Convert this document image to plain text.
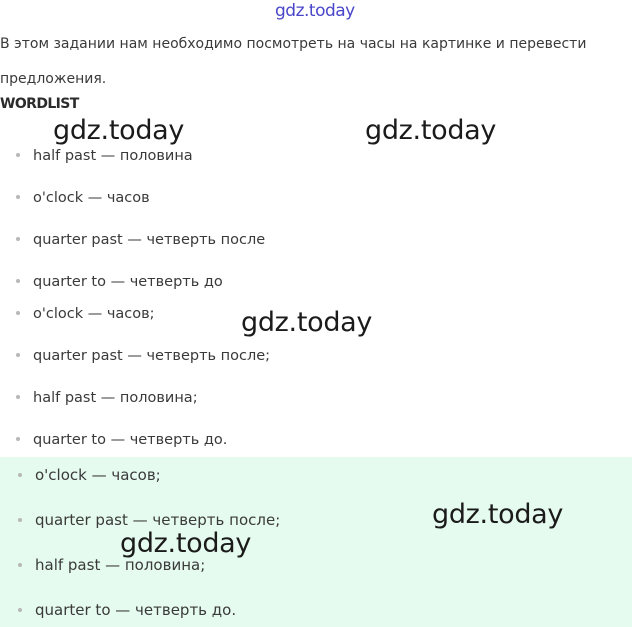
gdz.today
В этом задании нам необходимо посмотреть на часы на картинке и перевести предложения.
WORDLIST
half past — половина
o'clock — часов
quarter past — четверть после
quarter to — четверть до
o'clock — часов;
quarter past — четверть после;
half past — половина;
quarter to — четверть до.
o'clock — часов;
quarter past — четверть после;
half past — половина;
quarter to — четверть до.
gdz.today	gdz.today
gdz.today
gdz.today
gdz.today
